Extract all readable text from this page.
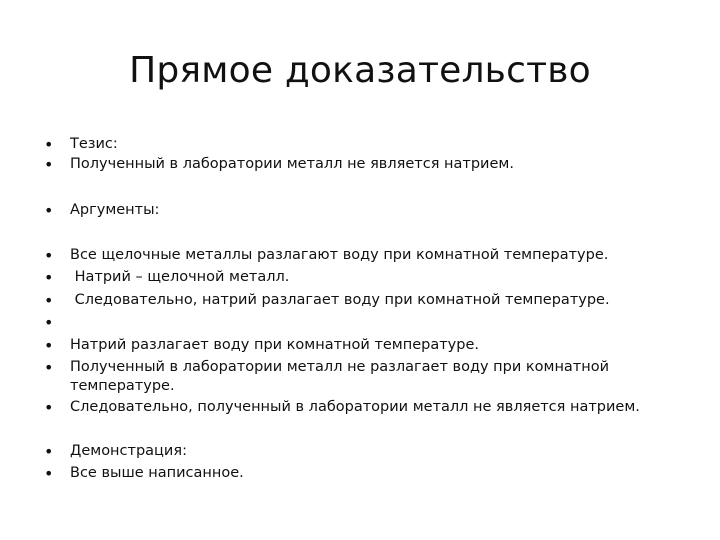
Прямое доказательство
• Тезис:
• Полученный в лаборатории металл не является натрием.
• Аргументы:
• Все щелочные металлы разлагают воду при комнатной температуре.
• Натрий – щелочной металл.
• Следовательно, натрий разлагает воду при комнатной температуре.
•
• Натрий разлагает воду при комнатной температуре.
• Полученный в лаборатории металл не разлагает воду при комнатной температуре.
• Следовательно, полученный в лаборатории металл не является натрием.
• Демонстрация:
• Все выше написанное.
